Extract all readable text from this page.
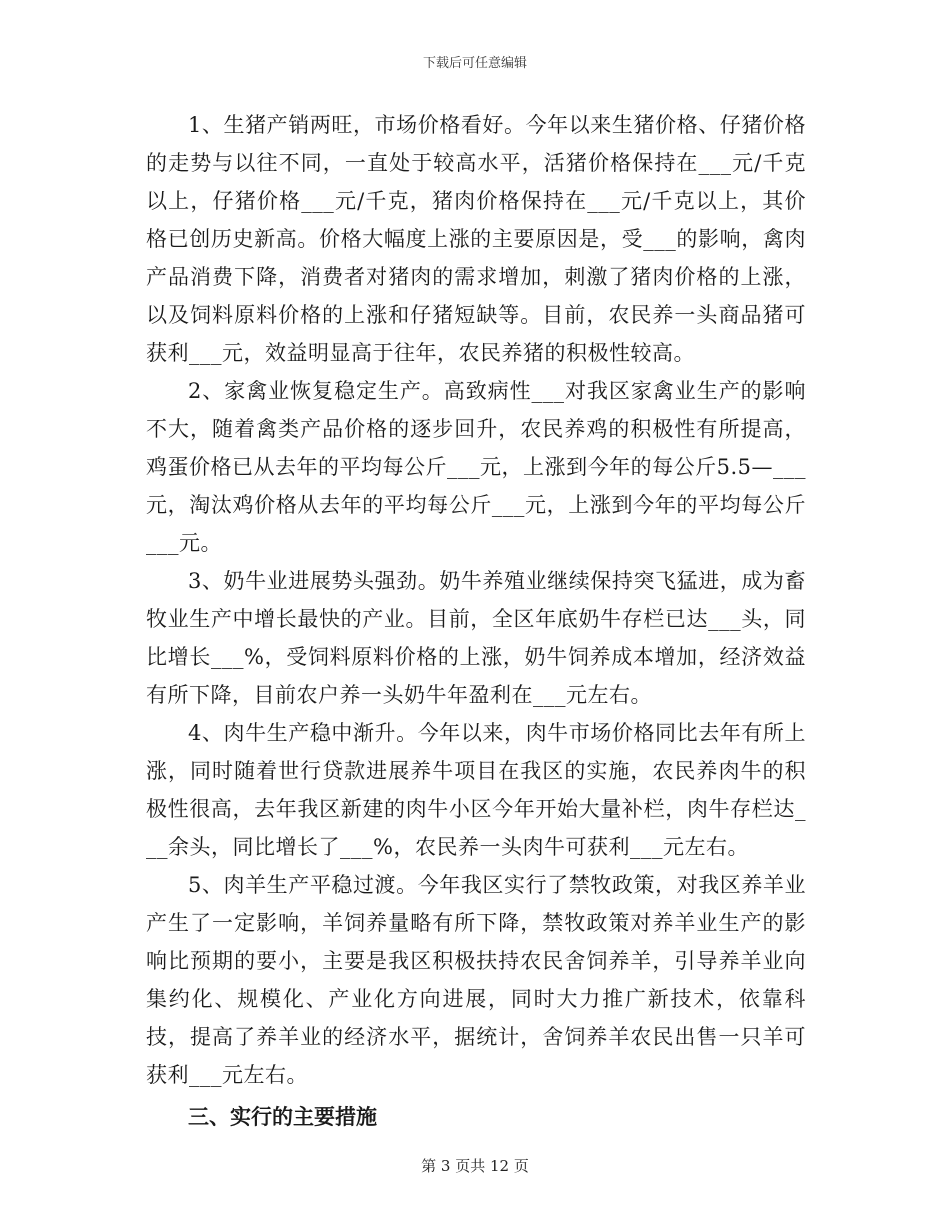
下载后可任意编辑

1、生猪产销两旺，市场价格看好。今年以来生猪价格、仔猪价格的走势与以往不同，一直处于较高水平，活猪价格保持在___元/千克以上，仔猪价格___元/千克，猪肉价格保持在___元/千克以上，其价格已创历史新高。价格大幅度上涨的主要原因是，受___的影响，禽肉产品消费下降，消费者对猪肉的需求增加，刺激了猪肉价格的上涨，以及饲料原料价格的上涨和仔猪短缺等。目前，农民养一头商品猪可获利___元，效益明显高于往年，农民养猪的积极性较高。

2、家禽业恢复稳定生产。高致病性___对我区家禽业生产的影响不大，随着禽类产品价格的逐步回升，农民养鸡的积极性有所提高，鸡蛋价格已从去年的平均每公斤___元，上涨到今年的每公斤5.5—___元，淘汰鸡价格从去年的平均每公斤___元，上涨到今年的平均每公斤___元。

3、奶牛业进展势头强劲。奶牛养殖业继续保持突飞猛进，成为畜牧业生产中增长最快的产业。目前，全区年底奶牛存栏已达___头，同比增长___%，受饲料原料价格的上涨，奶牛饲养成本增加，经济效益有所下降，目前农户养一头奶牛年盈利在___元左右。

4、肉牛生产稳中渐升。今年以来，肉牛市场价格同比去年有所上涨，同时随着世行贷款进展养牛项目在我区的实施，农民养肉牛的积极性很高，去年我区新建的肉牛小区今年开始大量补栏，肉牛存栏达___余头，同比增长了___%，农民养一头肉牛可获利___元左右。

5、肉羊生产平稳过渡。今年我区实行了禁牧政策，对我区养羊业产生了一定影响，羊饲养量略有所下降，禁牧政策对养羊业生产的影响比预期的要小，主要是我区积极扶持农民舍饲养羊，引导养羊业向集约化、规模化、产业化方向进展，同时大力推广新技术，依靠科技，提高了养羊业的经济水平，据统计，舍饲养羊农民出售一只羊可获利___元左右。

三、实行的主要措施

第 3 页共 12 页
